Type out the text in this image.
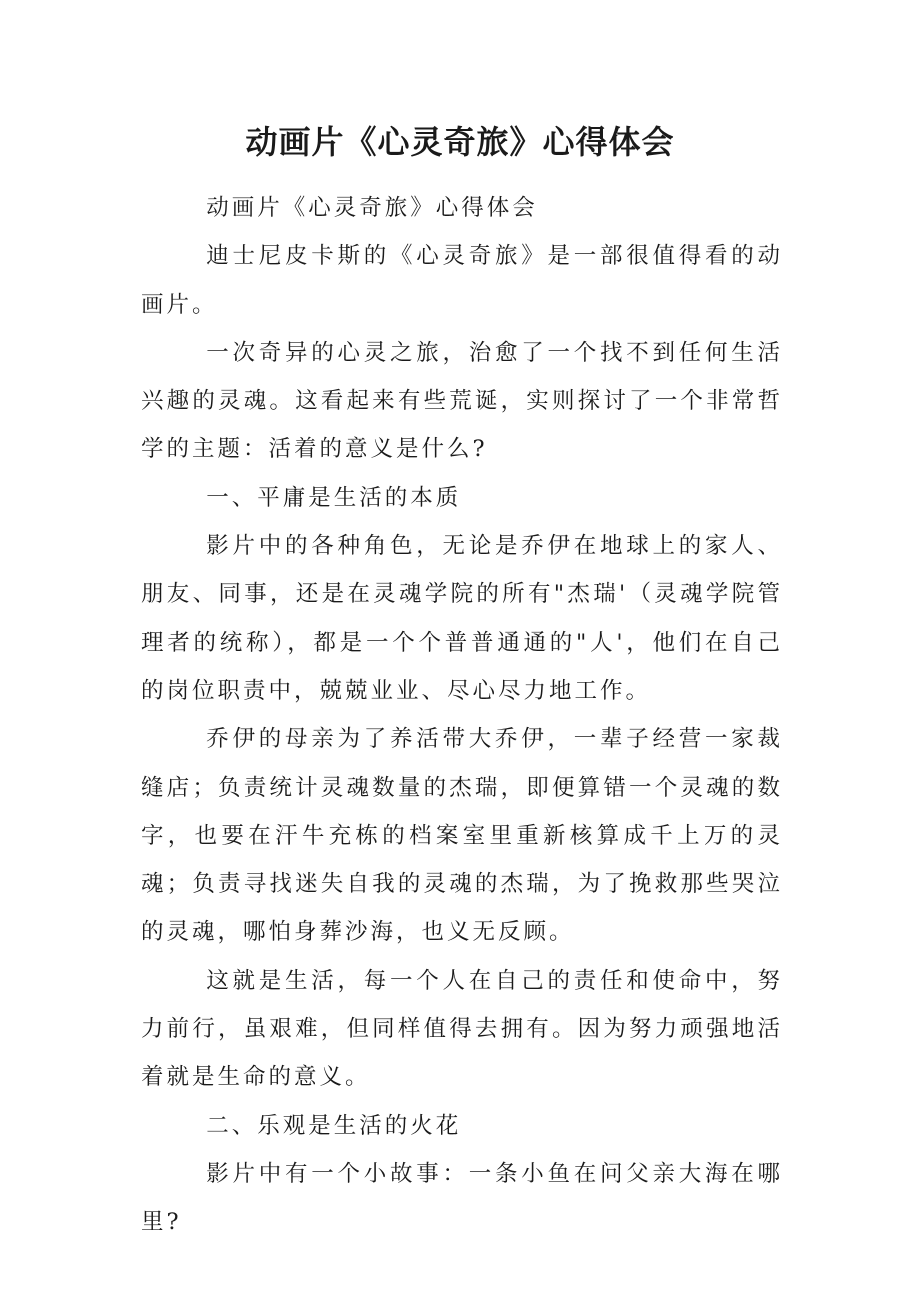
动画片《心灵奇旅》心得体会

动画片《心灵奇旅》心得体会

迪士尼皮卡斯的《心灵奇旅》是一部很值得看的动画片。

一次奇异的心灵之旅，治愈了一个找不到任何生活兴趣的灵魂。这看起来有些荒诞，实则探讨了一个非常哲学的主题：活着的意义是什么?

一、平庸是生活的本质

影片中的各种角色，无论是乔伊在地球上的家人、朋友、同事，还是在灵魂学院的所有"杰瑞'（灵魂学院管理者的统称），都是一个个普普通通的"人'，他们在自己的岗位职责中，兢兢业业、尽心尽力地工作。

乔伊的母亲为了养活带大乔伊，一辈子经营一家裁缝店；负责统计灵魂数量的杰瑞，即便算错一个灵魂的数字，也要在汗牛充栋的档案室里重新核算成千上万的灵魂；负责寻找迷失自我的灵魂的杰瑞，为了挽救那些哭泣的灵魂，哪怕身葬沙海，也义无反顾。

这就是生活，每一个人在自己的责任和使命中，努力前行，虽艰难，但同样值得去拥有。因为努力顽强地活着就是生命的意义。

二、乐观是生活的火花

影片中有一个小故事：一条小鱼在问父亲大海在哪里?
